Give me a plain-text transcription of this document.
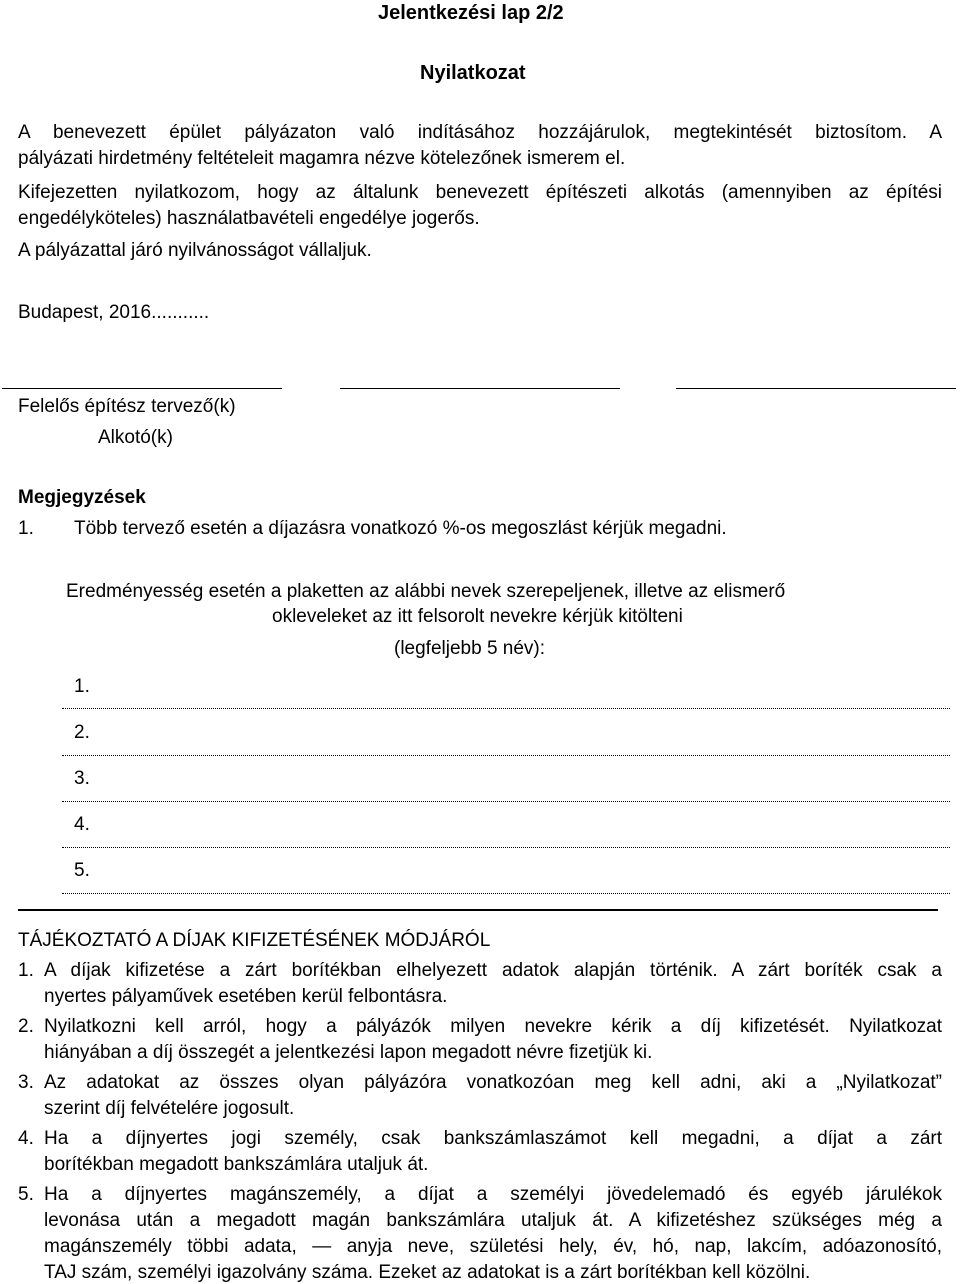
Jelentkezési lap 2/2
Nyilatkozat
A benevezett épület pályázaton való indításához hozzájárulok, megtekintését biztosítom. A
pályázati hirdetmény feltételeit magamra nézve kötelezőnek ismerem el.
Kifejezetten nyilatkozom, hogy az általunk benevezett építészeti alkotás (amennyiben az építési
engedélyköteles) használatbavételi engedélye jogerős.
A pályázattal járó nyilvánosságot vállaljuk.
Budapest, 2016...........
Felelős építész tervező(k)
Alkotó(k)
Megjegyzések
1. Több tervező esetén a díjazásra vonatkozó %-os megoszlást kérjük megadni.
Eredményesség esetén a plaketten az alábbi nevek szerepeljenek, illetve az elismerő
okleveleket az itt felsorolt nevekre kérjük kitölteni
(legfeljebb 5 név):
1.
2.
3.
4.
5.
TÁJÉKOZTATÓ A DÍJAK KIFIZETÉSÉNEK MÓDJÁRÓL
1. A díjak kifizetése a zárt borítékban elhelyezett adatok alapján történik. A zárt boríték csak a
nyertes pályaművek esetében kerül felbontásra.
2. Nyilatkozni kell arról, hogy a pályázók milyen nevekre kérik a díj kifizetését. Nyilatkozat
hiányában a díj összegét a jelentkezési lapon megadott névre fizetjük ki.
3. Az adatokat az összes olyan pályázóra vonatkozóan meg kell adni, aki a „Nyilatkozat”
szerint díj felvételére jogosult.
4. Ha a díjnyertes jogi személy, csak bankszámlaszámot kell megadni, a díjat a zárt
borítékban megadott bankszámlára utaljuk át.
5. Ha a díjnyertes magánszemély, a díjat a személyi jövedelemadó és egyéb járulékok
levonása után a megadott magán bankszámlára utaljuk át. A kifizetéshez szükséges még a
magánszemély többi adata, — anyja neve, születési hely, év, hó, nap, lakcím, adóazonosító,
TAJ szám, személyi igazolvány száma. Ezeket az adatokat is a zárt borítékban kell közölni.
